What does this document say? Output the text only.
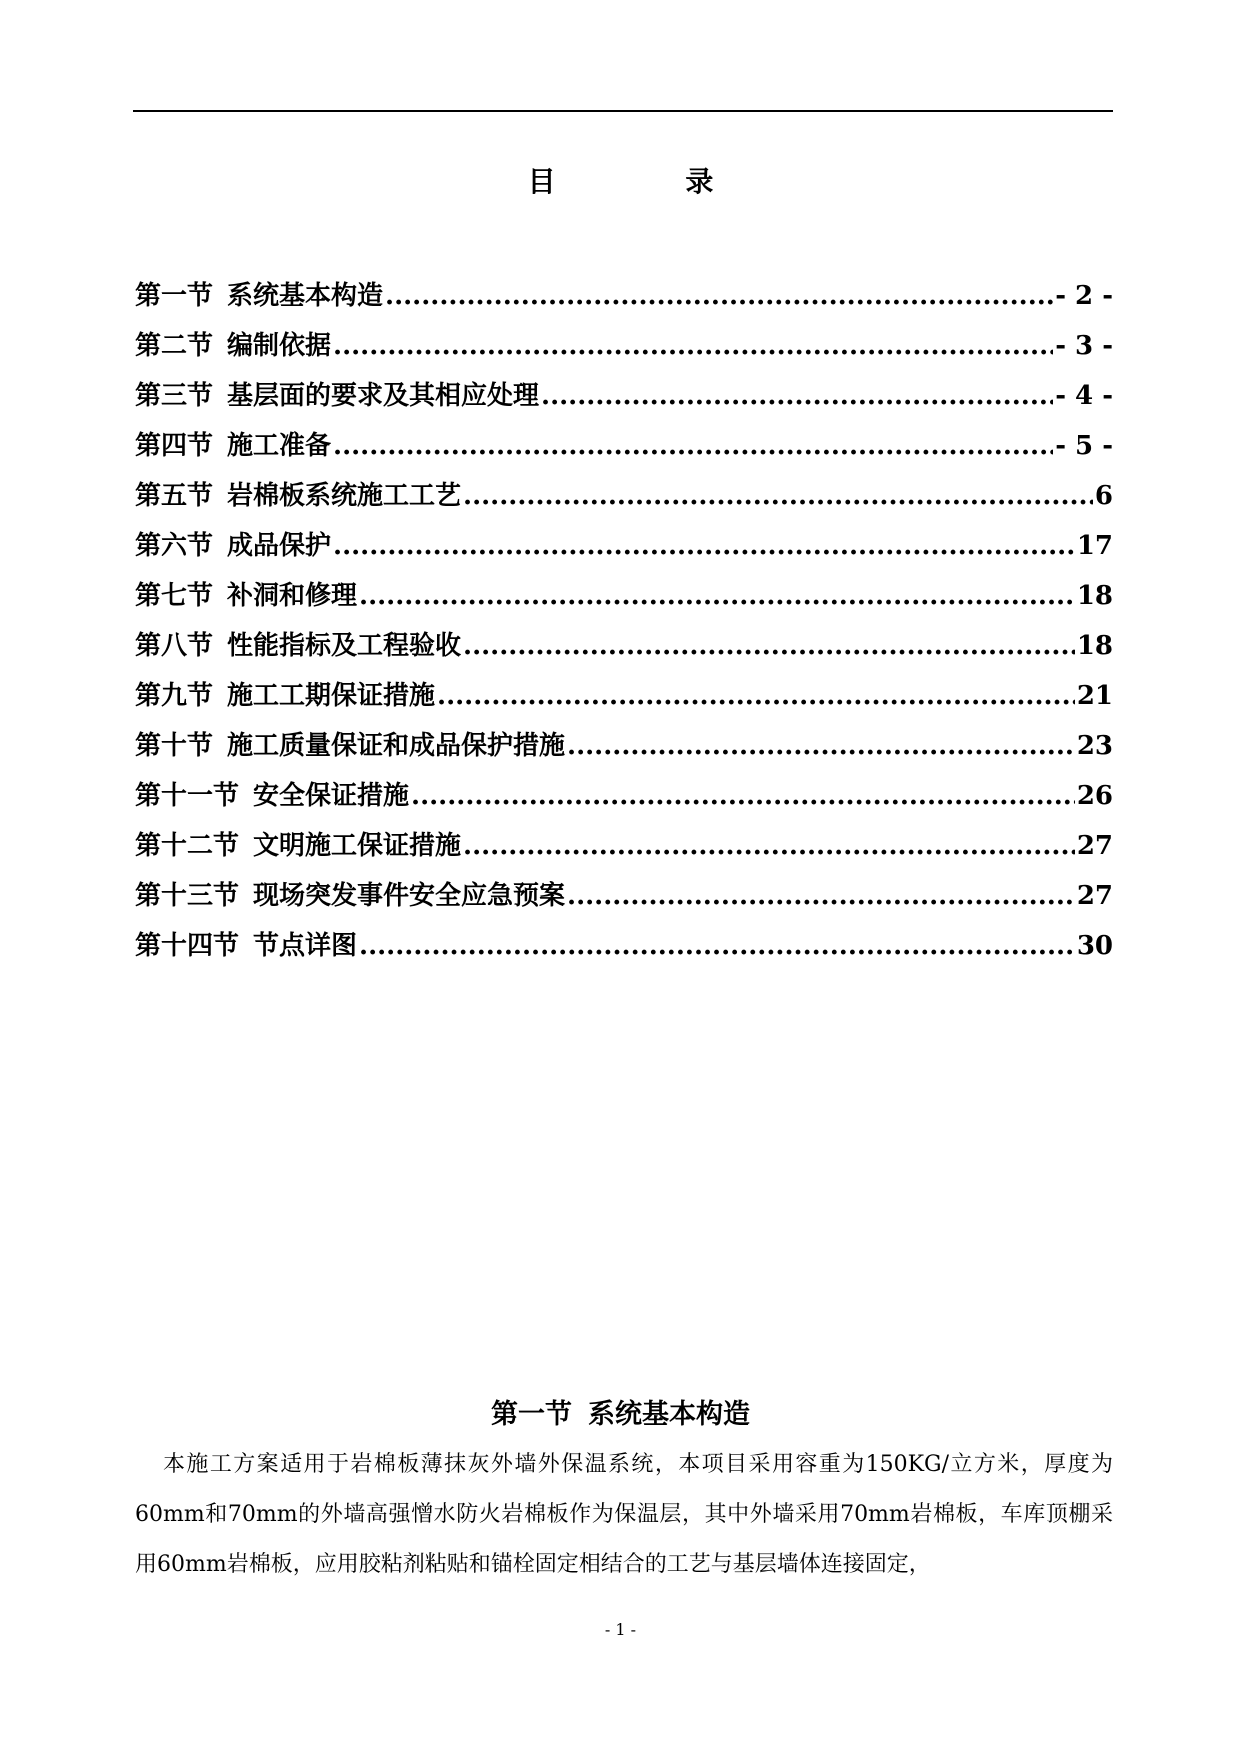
目 录
第一节 系统基本构造 .....	- 2 -
第二节 编制依据 .....	- 3 -
第三节 基层面的要求及其相应处理 .....	- 4 -
第四节 施工准备 .....	- 5 -
第五节 岩棉板系统施工工艺 .....	6
第六节 成品保护 .....	17
第七节 补洞和修理 .....	18
第八节 性能指标及工程验收 .....	18
第九节 施工工期保证措施 .....	21
第十节 施工质量保证和成品保护措施 .....	23
第十一节 安全保证措施 .....	26
第十二节 文明施工保证措施 .....	27
第十三节 现场突发事件安全应急预案 .....	27
第十四节 节点详图 .....	30
第一节 系统基本构造

本施工方案适用于岩棉板薄抹灰外墙外保温系统，本项目采用容重为150KG/立方米，厚度为60mm和70mm的外墙高强憎水防火岩棉板作为保温层，其中外墙采用70mm岩棉板，车库顶棚采用60mm岩棉板，应用胶粘剂粘贴和锚栓固定相结合的工艺与基层墙体连接固定，

- 1 -
